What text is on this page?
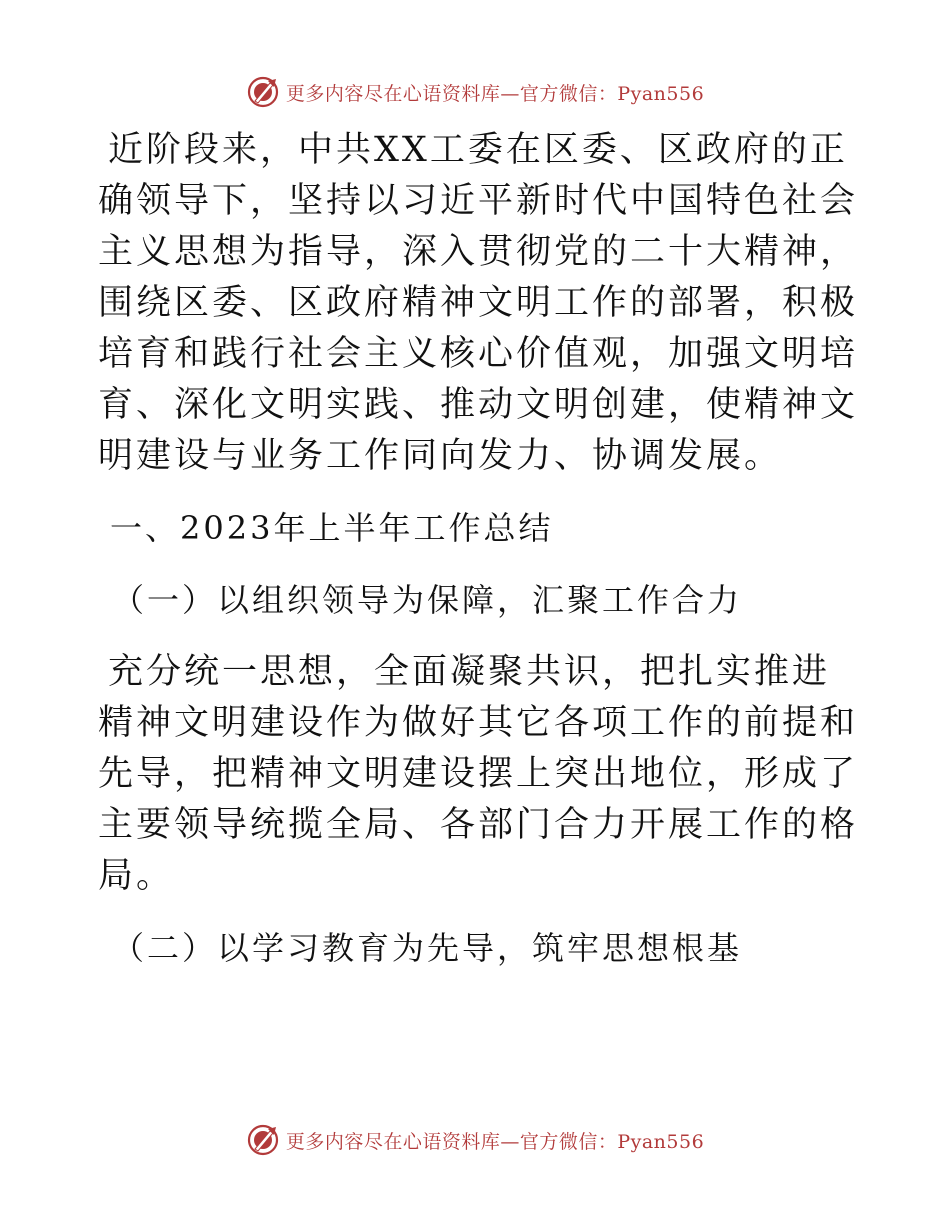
更多内容尽在心语资料库—官方微信：Pyan556

近阶段来，中共XX工委在区委、区政府的正确领导下，坚持以习近平新时代中国特色社会主义思想为指导，深入贯彻党的二十大精神，围绕区委、区政府精神文明工作的部署，积极培育和践行社会主义核心价值观，加强文明培育、深化文明实践、推动文明创建，使精神文明建设与业务工作同向发力、协调发展。

一、2023年上半年工作总结

（一）以组织领导为保障，汇聚工作合力

充分统一思想，全面凝聚共识，把扎实推进精神文明建设作为做好其它各项工作的前提和先导，把精神文明建设摆上突出地位，形成了主要领导统揽全局、各部门合力开展工作的格局。

（二）以学习教育为先导，筑牢思想根基

更多内容尽在心语资料库—官方微信：Pyan556
